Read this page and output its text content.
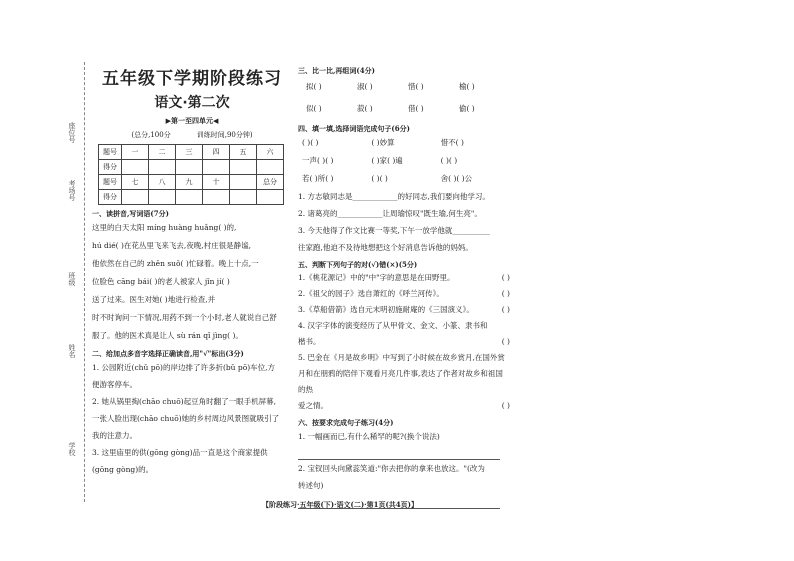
座位号
考场号
班级
姓名
学校
五年级下学期阶段练习
语文·第二次
▶第一至四单元◀
(总分,100分	训练时间,90分钟)
题号	一	二	三	四	五	六
得分						
题号	七	八	九	十		总分
得分						
一、读拼音,写词语(7分)
这里的白天太阳 míng huàng huǎng( )的,
hú dié( )在花丛里飞来飞去,夜晚,村庄很是静谧,
他依然在自己的 zhěn suǒ( )忙碌着。晚上十点,一
位脸色 cāng bái( )的老人被家人 jǐn jí( )
送了过来。医生对她( )地进行检查,并
时不时询问一下情况,用药不到一个小时,老人就说自己舒
服了。他的医术真是让人 sù rán qǐ jìng( )。
二、给加点多音字选择正确读音,用"√"标出(3分)
1. 公园附近(chǔ pō)的岸边排了许多折(bǔ pō)车位,方
便游客停车。
2. 她从锅里掏(chāo chuō)起豆角时翻了一眼手机屏幕,
一张人脸出现(chāo chuō)她的乡村周边风景图就吸引了
我的注意力。
3. 这里庙里的供(gōng gòng)品一直是这个商家提供
(gōng gòng)的。
三、比一比,再组词(4分)
拟( )	淑( )	惜( )	榆( )
似( )	菽( )	借( )	偷( )
四、填一填,选择词语完成句子(6分)
( )( )	( )妙算	惜不( )
一声( )( )	( )家( )遍	( )( )
若( )所( )	( )( )	舍( )( )公
1. 方志敏同志是____________的好同志,我们要向他学习。
2. 诸葛亮的____________让周瑜惊叹"既生瑜,何生亮"。
3. 今天他得了作文比赛一等奖,下午一放学他就__________
往家跑,他迫不及待地想把这个好消息告诉他的妈妈。
五、判断下列句子的对(√)错(×)(5分)
1.《桃花源记》中的"中"字的意思是在田野里。	( )
2.《祖父的园子》选自萧红的《呼兰河传》。	( )
3.《草船借箭》选自元末明初施耐庵的《三国演义》。	( )
4. 汉字字体的演变经历了从甲骨文、金文、小篆、隶书和
楷书。	( )
5. 巴金在《月是故乡明》中写到了小时候在故乡赏月,在国外赏
月和在朋鸦的陪伴下观看月亮几件事,表达了作者对故乡和祖国的热
爱之情。	( )
六、按要求完成句子练习(4分)
1. 一幅画而已,有什么稀罕的呢?(换个说法)
2. 宝钗回头向黛蕊笑道:"你去把你的拿来也放这。"(改为
转述句)
【阶段练习·五年级(下)·语文(二)·第1页(共4页)】
